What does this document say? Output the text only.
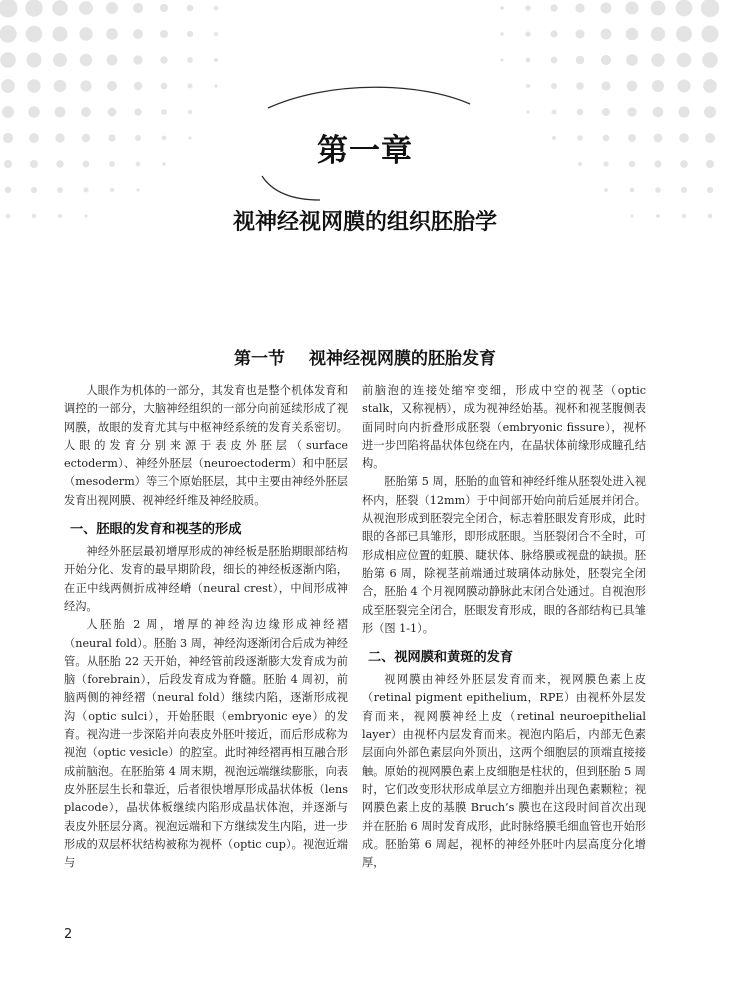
第一章
视神经视网膜的组织胚胎学
第一节 视神经视网膜的胚胎发育

人眼作为机体的一部分，其发育也是整个机体发育和调控的一部分，大脑神经组织的一部分向前延续形成了视网膜，故眼的发育尤其与中枢神经系统的发育关系密切。人眼的发育分别来源于表皮外胚层（surface ectoderm）、神经外胚层（neuroectoderm）和中胚层（mesoderm）等三个原始胚层，其中主要由神经外胚层发育出视网膜、视神经纤维及神经胶质。

一、胚眼的发育和视茎的形成

神经外胚层最初增厚形成的神经板是胚胎期眼部结构开始分化、发育的最早期阶段，细长的神经板逐渐内陷，在正中线两侧折成神经嵴（neural crest），中间形成神经沟。

人胚胎 2 周，增厚的神经沟边缘形成神经褶（neural fold）。胚胎 3 周，神经沟逐渐闭合后成为神经管。从胚胎 22 天开始，神经管前段逐渐膨大发育成为前脑（forebrain），后段发育成为脊髓。胚胎 4 周初，前脑两侧的神经褶（neural fold）继续内陷，逐渐形成视沟（optic sulci），开始胚眼（embryonic eye）的发育。视沟进一步深陷并向表皮外胚叶接近，而后形成称为视泡（optic vesicle）的腔室。此时神经褶再相互融合形成前脑泡。在胚胎第 4 周末期，视泡远端继续膨胀，向表皮外胚层生长和靠近，后者很快增厚形成晶状体板（lens placode），晶状体板继续内陷形成晶状体泡，并逐渐与表皮外胚层分离。视泡远端和下方继续发生内陷，进一步形成的双层杯状结构被称为视杯（optic cup）。视泡近端与

前脑泡的连接处缩窄变细，形成中空的视茎（optic stalk，又称视柄），成为视神经始基。视杯和视茎腹侧表面同时向内折叠形成胚裂（embryonic fissure），视杯进一步凹陷将晶状体包绕在内，在晶状体前缘形成瞳孔结构。

胚胎第 5 周，胚胎的血管和神经纤维从胚裂处进入视杯内，胚裂（12mm）于中间部开始向前后延展并闭合。从视泡形成到胚裂完全闭合，标志着胚眼发育形成，此时眼的各部已具雏形，即形成胚眼。当胚裂闭合不全时，可形成相应位置的虹膜、睫状体、脉络膜或视盘的缺损。胚胎第 6 周，除视茎前端通过玻璃体动脉处，胚裂完全闭合，胚胎 4 个月视网膜动静脉此末闭合处通过。自视泡形成至胚裂完全闭合，胚眼发育形成，眼的各部结构已具雏形（图 1-1）。

二、视网膜和黄斑的发育

视网膜由神经外胚层发育而来，视网膜色素上皮（retinal pigment epithelium，RPE）由视杯外层发育而来，视网膜神经上皮（retinal neuroepithelial layer）由视杯内层发育而来。视泡内陷后，内部无色素层面向外部色素层向外顶出，这两个细胞层的顶端直接接触。原始的视网膜色素上皮细胞是柱状的，但到胚胎 5 周时，它们改变形状形成单层立方细胞并出现色素颗粒；视网膜色素上皮的基膜 Bruch’s 膜也在这段时间首次出现并在胚胎 6 周时发育成形，此时脉络膜毛细血管也开始形成。胚胎第 6 周起，视杯的神经外胚叶内层高度分化增厚，

2
